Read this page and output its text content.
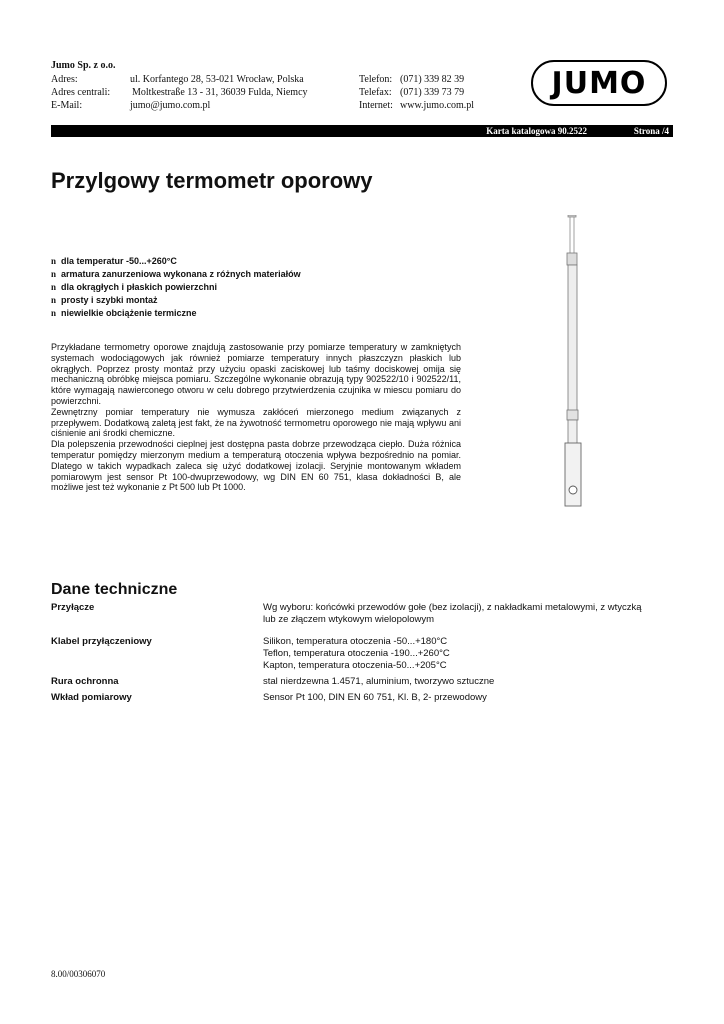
Jumo Sp. z o.o.
Adres:	ul. Korfantego 28, 53-021 Wrocław, Polska	Telefon: (071) 339 82 39
Adres centrali: Moltkestraße 13 - 31, 36039 Fulda, Niemcy	Telefax: (071) 339 73 79
E-Mail:	jumo@jumo.com.pl	Internet: www.jumo.com.pl
JUMO
Karta katalogowa 90.2522	Strona /4
Przylgowy termometr oporowy
n dla temperatur -50...+260°C
n armatura zanurzeniowa wykonana z różnych materiałów
n dla okrągłych i płaskich powierzchni
n prosty i szybki montaż
n niewielkie obciążenie termiczne

Przykładane termometry oporowe znajdują zastosowanie przy pomiarze temperatury w zamkniętych systemach wodociągowych jak również pomiarze temperatury innych płaszczyzn płaskich lub okrągłych. Poprzez prosty montaż przy użyciu opaski zaciskowej lub taśmy dociskowej omija się mechaniczną obróbkę miejsca pomiaru. Szczególne wykonanie obrazują typy 902522/10 i 902522/11, które wymagają nawierconego otworu w celu dobrego przytwierdzenia czujnika w miescu pomiaru do powierzchni.

Zewnętrzny pomiar temperatury nie wymusza zakłóceń mierzonego medium związanych z przepływem. Dodatkową zaletą jest fakt, że na żywotność termometru oporowego nie mają wpływu ani ciśnienie ani środki chemiczne.

Dla polepszenia przewodności cieplnej jest dostępna pasta dobrze przewodząca ciepło. Duża różnica temperatur pomiędzy mierzonym medium a temperaturą otoczenia wpływa bezpośrednio na pomiar. Dlatego w takich wypadkach zaleca się użyć dodatkowej izolacji. Seryjnie montowanym wkładem pomiarowym jest sensor Pt 100-dwuprzewodowy, wg DIN EN 60 751, klasa dokładności B, ale możliwe jest też wykonanie z Pt 500 lub Pt 1000.

Dane techniczne
Przyłącze	Wg wyboru: końcówki przewodów gołe (bez izolacji), z nakładkami metalowymi, z wtyczką
lub ze złączem wtykowym wielopolowym
Klabel przyłączeniowy	Silikon, temperatura otoczenia -50...+180°C
Teflon, temperatura otoczenia -190...+260°C
Kapton, temperatura otoczenia-50...+205°C
Rura ochronna	stal nierdzewna 1.4571, aluminium, tworzywo sztuczne
Wkład pomiarowy	Sensor Pt 100, DIN EN 60 751, Kl. B, 2- przewodowy
8.00/00306070
